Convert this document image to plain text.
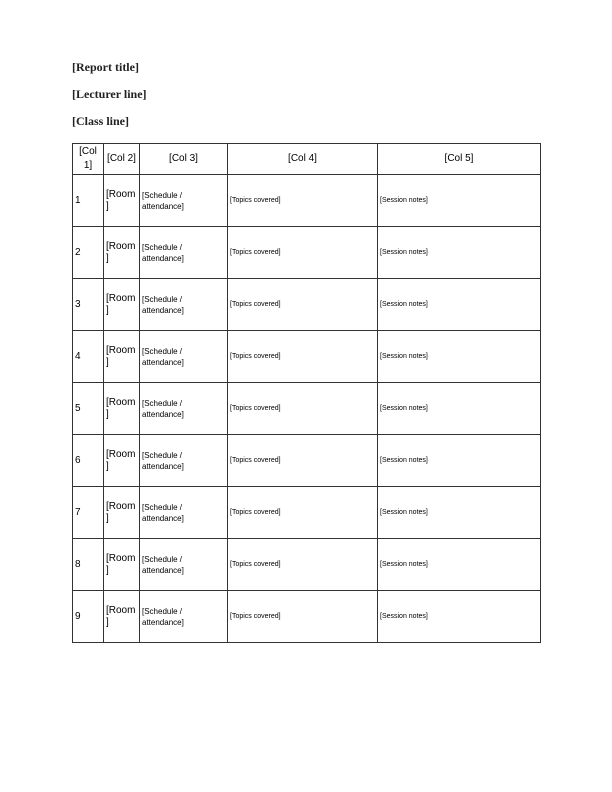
[Report title]

[Lecturer line]

[Class line]

[Col 1]	[Col 2]	[Col 3]	[Col 4]	[Col 5]
1	[Room]	[Schedule / attendance]	[Topics covered]	[Session notes]
2	[Room]	[Schedule / attendance]	[Topics covered]	[Session notes]
3	[Room]	[Schedule / attendance]	[Topics covered]	[Session notes]
4	[Room]	[Schedule / attendance]	[Topics covered]	[Session notes]
5	[Room]	[Schedule / attendance]	[Topics covered]	[Session notes]
6	[Room]	[Schedule / attendance]	[Topics covered]	[Session notes]
7	[Room]	[Schedule / attendance]	[Topics covered]	[Session notes]
8	[Room]	[Schedule / attendance]	[Topics covered]	[Session notes]
9	[Room]	[Schedule / attendance]	[Topics covered]	[Session notes]
